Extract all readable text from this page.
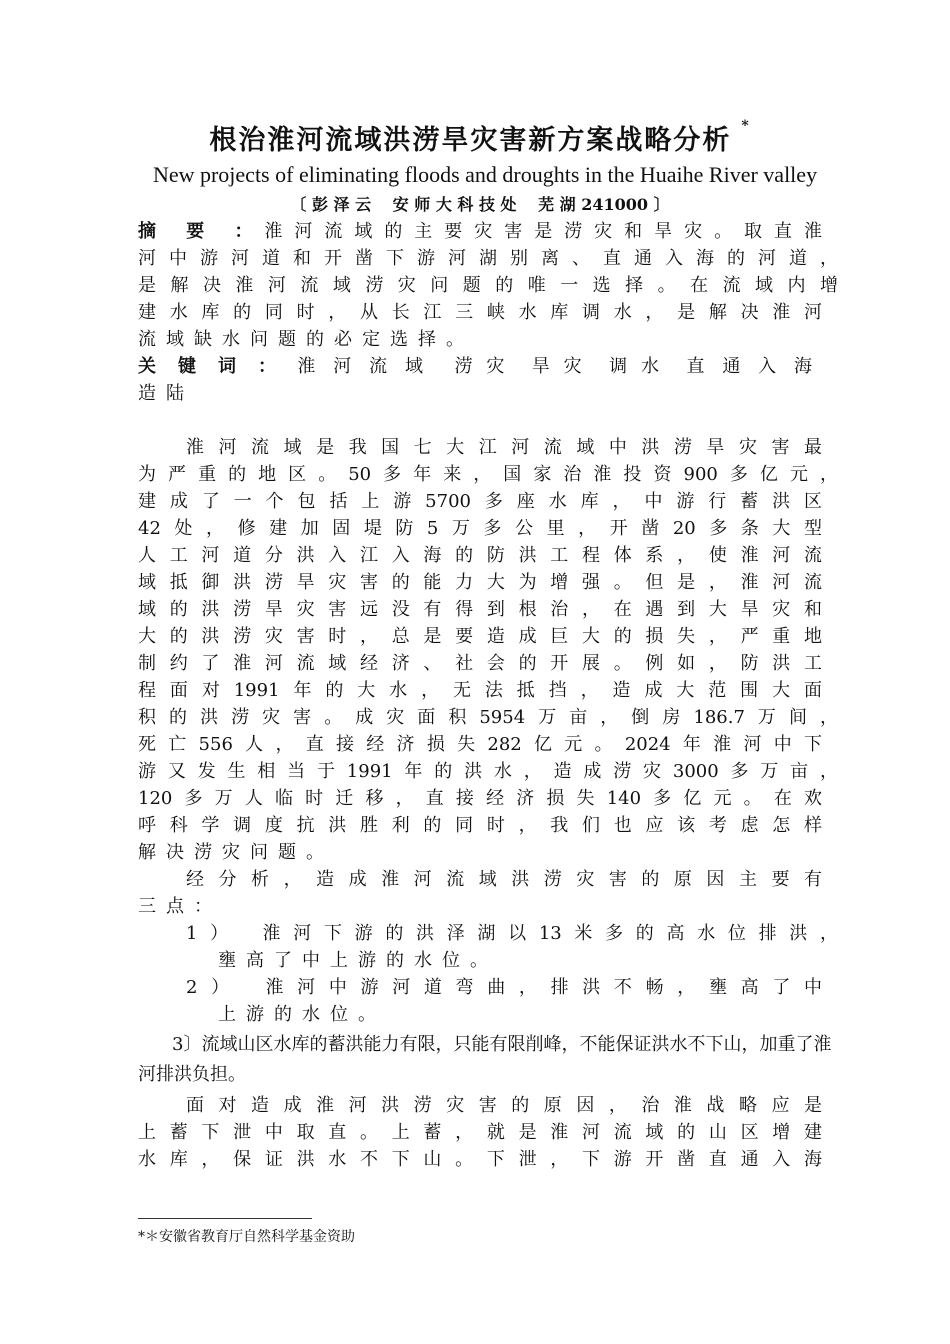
根治淮河流域洪涝旱灾害新方案战略分析 *
New projects of eliminating floods and droughts in the Huaihe River valley
〔 彭 泽 云 　安 师 大 科 技 处 　芜 湖 241000 〕
摘 要 ：淮河流域的主要灾害是涝灾和旱灾。取直淮
河中游河道和开凿下游河湖别离、直通入海的河道，
是解决淮河流域涝灾问题的唯一选择。在流域内增
建水库的同时，从长江三峡水库调水，是解决淮河
流域缺水问题的必定选择。
关 键 词 ： 淮河流域 涝灾 旱灾 调水 直通入海
造陆
淮河流域是我国七大江河流域中洪涝旱灾害最
为严重的地区。50多年来，国家治淮投资900多亿元，
建成了一个包括上游5700多座水库，中游行蓄洪区
42处，修建加固堤防5万多公里，开凿20多条大型
人工河道分洪入江入海的防洪工程体系，使淮河流
域抵御洪涝旱灾害的能力大为增强。但是，淮河流
域的洪涝旱灾害远没有得到根治，在遇到大旱灾和
大的洪涝灾害时，总是要造成巨大的损失，严重地
制约了淮河流域经济、社会的开展。例如，防洪工
程面对1991年的大水，无法抵挡，造成大范围大面
积的洪涝灾害。成灾面积5954万亩，倒房186.7万间，
死亡556人，直接经济损失282亿元。2024年淮河中下
游又发生相当于1991年的洪水，造成涝灾3000多万亩，
120多万人临时迁移，直接经济损失140多亿元。在欢
呼科学调度抗洪胜利的同时，我们也应该考虑怎样
解决涝灾问题。
经分析，造成淮河流域洪涝灾害的原因主要有
三点：
1）　淮河下游的洪泽湖以13米多的高水位排洪，
壅高了中上游的水位。
2）　淮河中游河道弯曲，排洪不畅，壅高了中
上游的水位。
3〕流域山区水库的蓄洪能力有限，只能有限削峰，不能保证洪水不下山，加重了淮河排洪负担。
面对造成淮河洪涝灾害的原因，治淮战略应是
上蓄下泄中取直。上蓄，就是淮河流域的山区增建
水库，保证洪水不下山。下泄，下游开凿直通入海
*＊安徽省教育厅自然科学基金资助
